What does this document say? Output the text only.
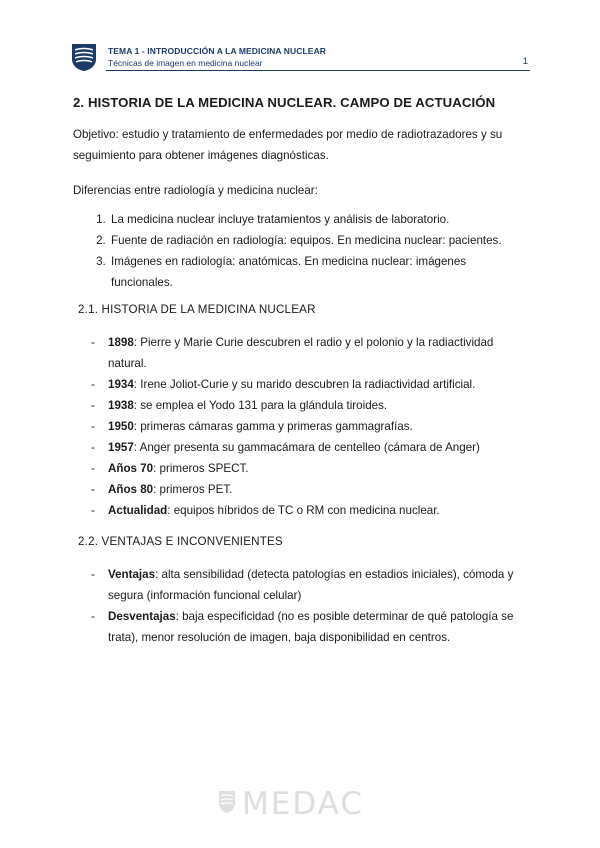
TEMA 1 - INTRODUCCIÓN A LA MEDICINA NUCLEAR
Técnicas de imagen en medicina nuclear	1
2. HISTORIA DE LA MEDICINA NUCLEAR. CAMPO DE ACTUACIÓN

Objetivo: estudio y tratamiento de enfermedades por medio de radiotrazadores y su seguimiento para obtener imágenes diagnósticas.

Diferencias entre radiología y medicina nuclear:

1. La medicina nuclear incluye tratamientos y análisis de laboratorio.
2. Fuente de radiación en radiología: equipos. En medicina nuclear: pacientes.
3. Imágenes en radiología: anatómicas. En medicina nuclear: imágenes funcionales.
2.1. HISTORIA DE LA MEDICINA NUCLEAR
- 1898: Pierre y Marie Curie descubren el radio y el polonio y la radiactividad natural.
- 1934: Irene Joliot-Curie y su marido descubren la radiactividad artificial.
- 1938: se emplea el Yodo 131 para la glándula tiroides.
- 1950: primeras cámaras gamma y primeras gammagrafías.
- 1957: Anger presenta su gammacámara de centelleo (cámara de Anger)
- Años 70: primeros SPECT.
- Años 80: primeros PET.
- Actualidad: equipos híbridos de TC o RM con medicina nuclear.
2.2. VENTAJAS E INCONVENIENTES
- Ventajas: alta sensibilidad (detecta patologías en estadios iniciales), cómoda y segura (información funcional celular)
- Desventajas: baja especificidad (no es posible determinar de qué patología se trata), menor resolución de imagen, baja disponibilidad en centros.
MEDAC
